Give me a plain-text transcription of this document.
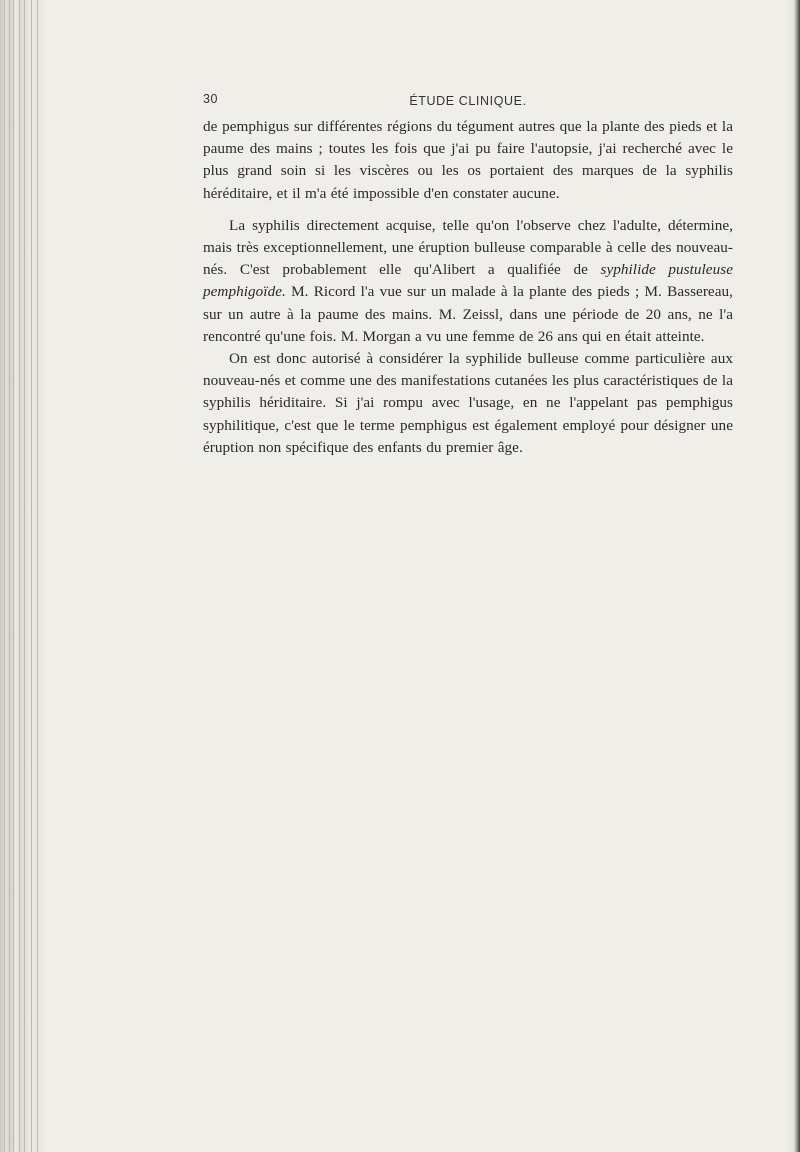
30	ÉTUDE CLINIQUE.

de pemphigus sur différentes régions du tégument autres que la plante des pieds et la paume des mains ; toutes les fois que j'ai pu faire l'autopsie, j'ai recherché avec le plus grand soin si les viscères ou les os portaient des marques de la syphilis héréditaire, et il m'a été impossible d'en constater aucune.

La syphilis directement acquise, telle qu'on l'observe chez l'adulte, détermine, mais très exceptionnellement, une éruption bulleuse comparable à celle des nouveau-nés. C'est probablement elle qu'Alibert a qualifiée de syphilide pustuleuse pemphigoïde. M. Ricord l'a vue sur un malade à la plante des pieds ; M. Bassereau, sur un autre à la paume des mains. M. Zeissl, dans une période de 20 ans, ne l'a rencontré qu'une fois. M. Morgan a vu une femme de 26 ans qui en était atteinte.

On est donc autorisé à considérer la syphilide bulleuse comme particulière aux nouveau-nés et comme une des manifestations cutanées les plus caractéristiques de la syphilis hériditaire. Si j'ai rompu avec l'usage, en ne l'appelant pas pemphigus syphilitique, c'est que le terme pemphigus est également employé pour désigner une éruption non spécifique des enfants du premier âge.
